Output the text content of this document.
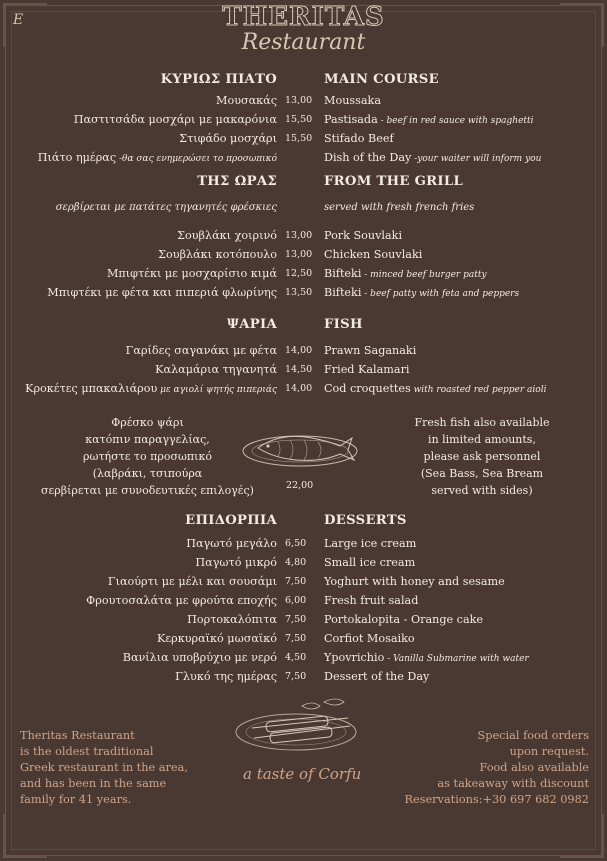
E	THERITAS
Restaurant
ΚΥΡΙΩΣ ΠΙΑΤΟ	MAIN COURSE
Μουσακάς 13,00 Moussaka
Παστιτσάδα μοσχάρι με μακαρόνια 15,50 Pastisada - beef in red sauce with spaghetti
Στιφάδο μοσχάρι 15,50 Stifado Beef
Πιάτο ημέρας -θα σας ενημερώσει το προσωπικό	Dish of the Day -your waiter will inform you
ΤΗΣ ΩΡΑΣ	FROM THE GRILL
σερβίρεται με πατάτες τηγανητές φρέσκιες	served with fresh french fries
Σουβλάκι χοιρινό 13,00 Pork Souvlaki
Σουβλάκι κοτόπουλο 13,00 Chicken Souvlaki
Μπιφτέκι με μοσχαρίσιο κιμά 12,50 Bifteki - minced beef burger patty
Μπιφτέκι με φέτα και πιπεριά φλωρίνης 13,50 Bifteki - beef patty with feta and peppers
ΨΑΡΙΑ	FISH
Γαρίδες σαγανάκι με φέτα 14,00 Prawn Saganaki
Καλαμάρια τηγανητά 14,50 Fried Kalamari
Κροκέτες μπακαλιάρου με αγιολί ψητής πιπεριάς 14,00 Cod croquettes with roasted red pepper aioli
Φρέσκο ψάρι
κατόπιν παραγγελίας,
ρωτήστε το προσωπικό
(λαβράκι, τσιπούρα
σερβίρεται με συνοδευτικές επιλογές)	22,00
Fresh fish also available
in limited amounts,
please ask personnel
(Sea Bass, Sea Bream
served with sides)
ΕΠΙΔΟΡΠΙΑ	DESSERTS
Παγωτό μεγάλο 6,50	Large ice cream
Παγωτό μικρό 4,80	Small ice cream
Γιαούρτι με μέλι και σουσάμι 7,50	Yoghurt with honey and sesame
Φρουτοσαλάτα με φρούτα εποχής 6,00	Fresh fruit salad
Πορτοκαλόπιτα 7,50	Portokalopita - Orange cake
Κερκυραϊκό μωσαϊκό 7,50	Corfiot Mosaiko
Βανίλια υποβρύχιο με νερό 4,50	Ypovrichio - Vanilla Submarine with water
Γλυκό της ημέρας 7,50	Dessert of the Day
Theritas Restaurant
is the oldest traditional
Greek restaurant in the area,
and has been in the same
family for 41 years.
a taste of Corfu
Special food orders
upon request.
Food also available
as takeaway with discount
Reservations:+30 697 682 0982
